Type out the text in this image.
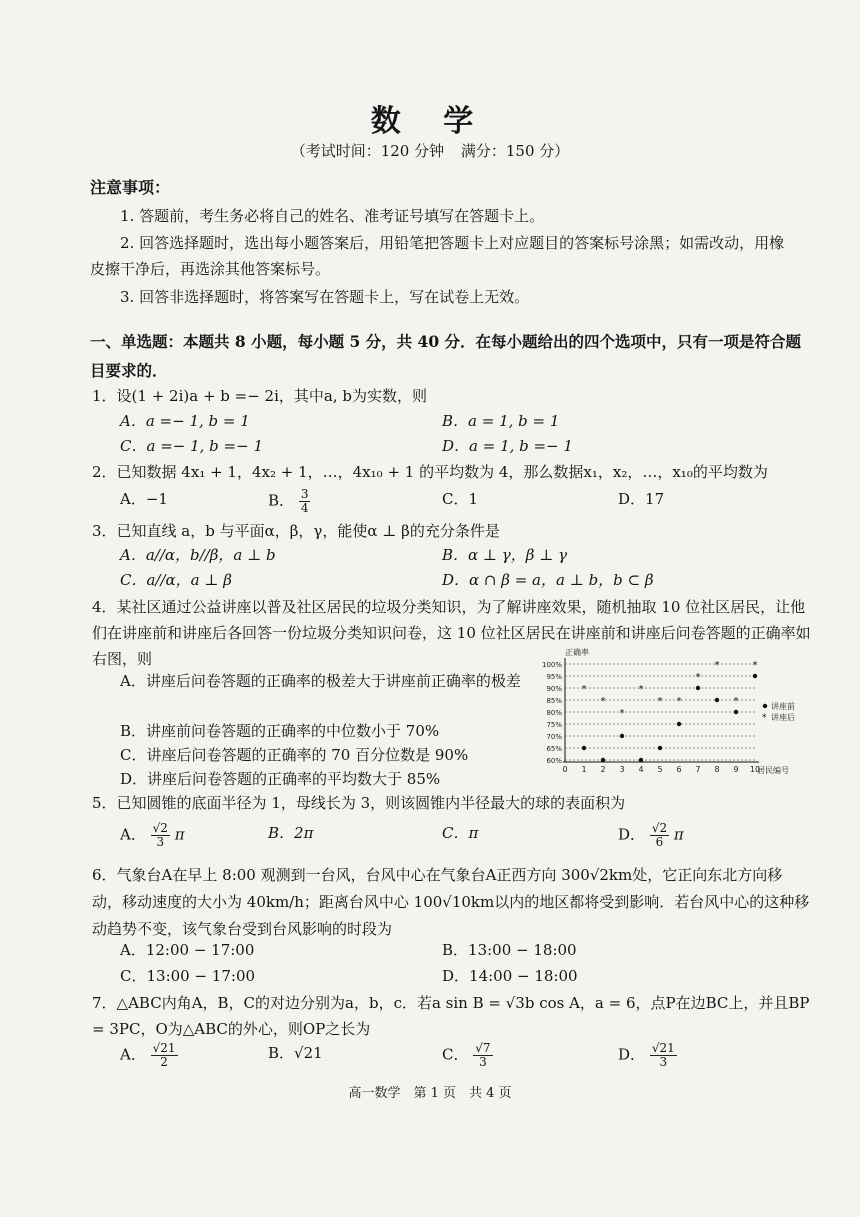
数 学
（考试时间：120 分钟 满分：150 分）
注意事项：
1. 答题前，考生务必将自己的姓名、准考证号填写在答题卡上。
2. 回答选择题时，选出每小题答案后，用铅笔把答题卡上对应题目的答案标号涂黑；如需改动，用橡皮擦干净后，再选涂其他答案标号。
3. 回答非选择题时，将答案写在答题卡上，写在试卷上无效。
一、单选题：本题共 8 小题，每小题 5 分，共 40 分．在每小题给出的四个选项中，只有一项是符合题目要求的．
1．设(1 + 2i)a + b =− 2i，其中a, b为实数，则
A．a =− 1, b = 1	B．a = 1, b = 1
C．a =− 1, b =− 1	D．a = 1, b =− 1
2．已知数据 4x₁ + 1，4x₂ + 1，…，4x₁₀ + 1 的平均数为 4，那么数据x₁，x₂，…，x₁₀的平均数为
A．−1	B． $\frac{3}{4}$	C．1	D．17
3．已知直线 a，b 与平面α，β，γ，能使α ⊥ β的充分条件是
A．a//α，b//β，a ⊥ b	B．α ⊥ γ，β ⊥ γ
C．a//α，a ⊥ β	D．α ∩ β = a，a ⊥ b，b ⊂ β
4．某社区通过公益讲座以普及社区居民的垃圾分类知识，为了解讲座效果，随机抽取 10 位社区居民，让他们在讲座前和讲座后各回答一份垃圾分类知识问卷，这 10 位社区居民在讲座前和讲座后问卷答题的正确率如右图，则
A．讲座后问卷答题的正确率的极差大于讲座前正确率的极差
B．讲座前问卷答题的正确率的中位数小于 70%
C．讲座后问卷答题的正确率的 70 百分位数是 90%
D．讲座后问卷答题的正确率的平均数大于 85%
正确率
居民编号
60%
65%
70%
75%
80%
85%
90%
95%
100%
0 1 2 3 4 5 6 7 8 9 10
*
*
*
*
* *
*
*
*
*
讲座前
* 讲座后
5．已知圆锥的底面半径为 1，母线长为 3，则该圆锥内半径最大的球的表面积为
A． $\frac{√2}{3}$ π	B．2π	C．π	D． $\frac{√2}{6}$ π
6．气象台A在早上 8:00 观测到一台风，台风中心在气象台A正西方向 300√2km处，它正向东北方向移动，移动速度的大小为 40km/h；距离台风中心 100√10km以内的地区都将受到影响．若台风中心的这种移动趋势不变，该气象台受到台风影响的时段为
A．12:00 − 17:00	B．13:00 − 18:00
C．13:00 − 17:00	D．14:00 − 18:00
7．△ABC内角A，B，C的对边分别为a，b，c．若a sin B = √3b cos A，a = 6，点P在边BC上，并且BP = 3PC，O为△ABC的外心，则OP之长为
A． $\frac{√21}{2}$	B．√21	C． $\frac{√7}{3}$	D． $\frac{√21}{3}$
高一数学　第 1 页　共 4 页
